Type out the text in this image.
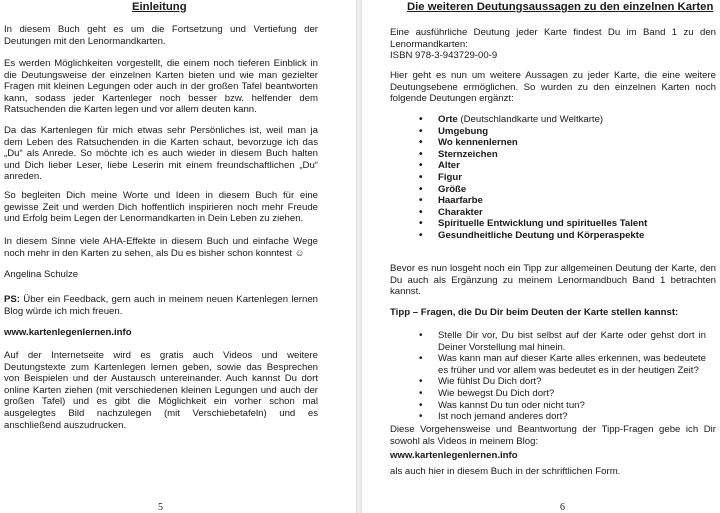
Einleitung

In diesem Buch geht es um die Fortsetzung und Vertiefung der Deutungen mit den Lenormandkarten.

Es werden Möglichkeiten vorgestellt, die einem noch tieferen Einblick in die Deutungsweise der einzelnen Karten bieten und wie man gezielter Fragen mit kleinen Legungen oder auch in der großen Tafel beantworten kann, sodass jeder Kartenleger noch besser bzw. helfender dem Ratsuchenden die Karten legen und vor allem deuten kann.

Da das Kartenlegen für mich etwas sehr Persönliches ist, weil man ja dem Leben des Ratsuchenden in die Karten schaut, bevorzuge ich das „Du“ als Anrede. So möchte ich es auch wieder in diesem Buch halten und Dich lieber Leser, liebe Leserin mit einem freundschaftlichen „Du“ anreden.

So begleiten Dich meine Worte und Ideen in diesem Buch für eine gewisse Zeit und werden Dich hoffentlich inspirieren noch mehr Freude und Erfolg beim Legen der Lenormandkarten in Dein Leben zu ziehen.

In diesem Sinne viele AHA-Effekte in diesem Buch und einfache Wege noch mehr in den Karten zu sehen, als Du es bisher schon konntest ☺

Angelina Schulze

PS: Über ein Feedback, gern auch in meinem neuen Kartenlegen lernen Blog würde ich mich freuen.

www.kartenlegenlernen.info

Auf der Internetseite wird es gratis auch Videos und weitere Deutungstexte zum Kartenlegen lernen geben, sowie das Besprechen von Beispielen und der Austausch untereinander. Auch kannst Du dort online Karten ziehen (mit verschiedenen kleinen Legungen und auch der großen Tafel) und es gibt die Möglichkeit ein vorher schon mal ausgelegtes Bild nachzulegen (mit Verschiebetafeln) und es anschließend auszudrucken.

5
Die weiteren Deutungsaussagen zu den einzelnen Karten

Eine ausführliche Deutung jeder Karte findest Du im Band 1 zu den Lenormandkarten:
ISBN 978-3-943729-00-9

Hier geht es nun um weitere Aussagen zu jeder Karte, die eine weitere Deutungsebene ermöglichen. So wurden zu den einzelnen Karten noch folgende Deutungen ergänzt:

• Orte (Deutschlandkarte und Weltkarte)
• Umgebung
• Wo kennenlernen
• Sternzeichen
• Alter
• Figur
• Größe
• Haarfarbe
• Charakter
• Spirituelle Entwicklung und spirituelles Talent
• Gesundheitliche Deutung und Körperaspekte

Bevor es nun losgeht noch ein Tipp zur allgemeinen Deutung der Karte, den Du auch als Ergänzung zu meinem Lenormandbuch Band 1 betrachten kannst.

Tipp – Fragen, die Du Dir beim Deuten der Karte stellen kannst:

• Stelle Dir vor, Du bist selbst auf der Karte oder gehst dort in Deiner Vorstellung mal hinein.
• Was kann man auf dieser Karte alles erkennen, was bedeutete es früher und vor allem was bedeutet es in der heutigen Zeit?
• Wie fühlst Du Dich dort?
• Wie bewegst Du Dich dort?
• Was kannst Du tun oder nicht tun?
• Ist noch jemand anderes dort?

Diese Vorgehensweise und Beantwortung der Tipp-Fragen gebe ich Dir sowohl als Videos in meinem Blog:

www.kartenlegenlernen.info

als auch hier in diesem Buch in der schriftlichen Form.

6
